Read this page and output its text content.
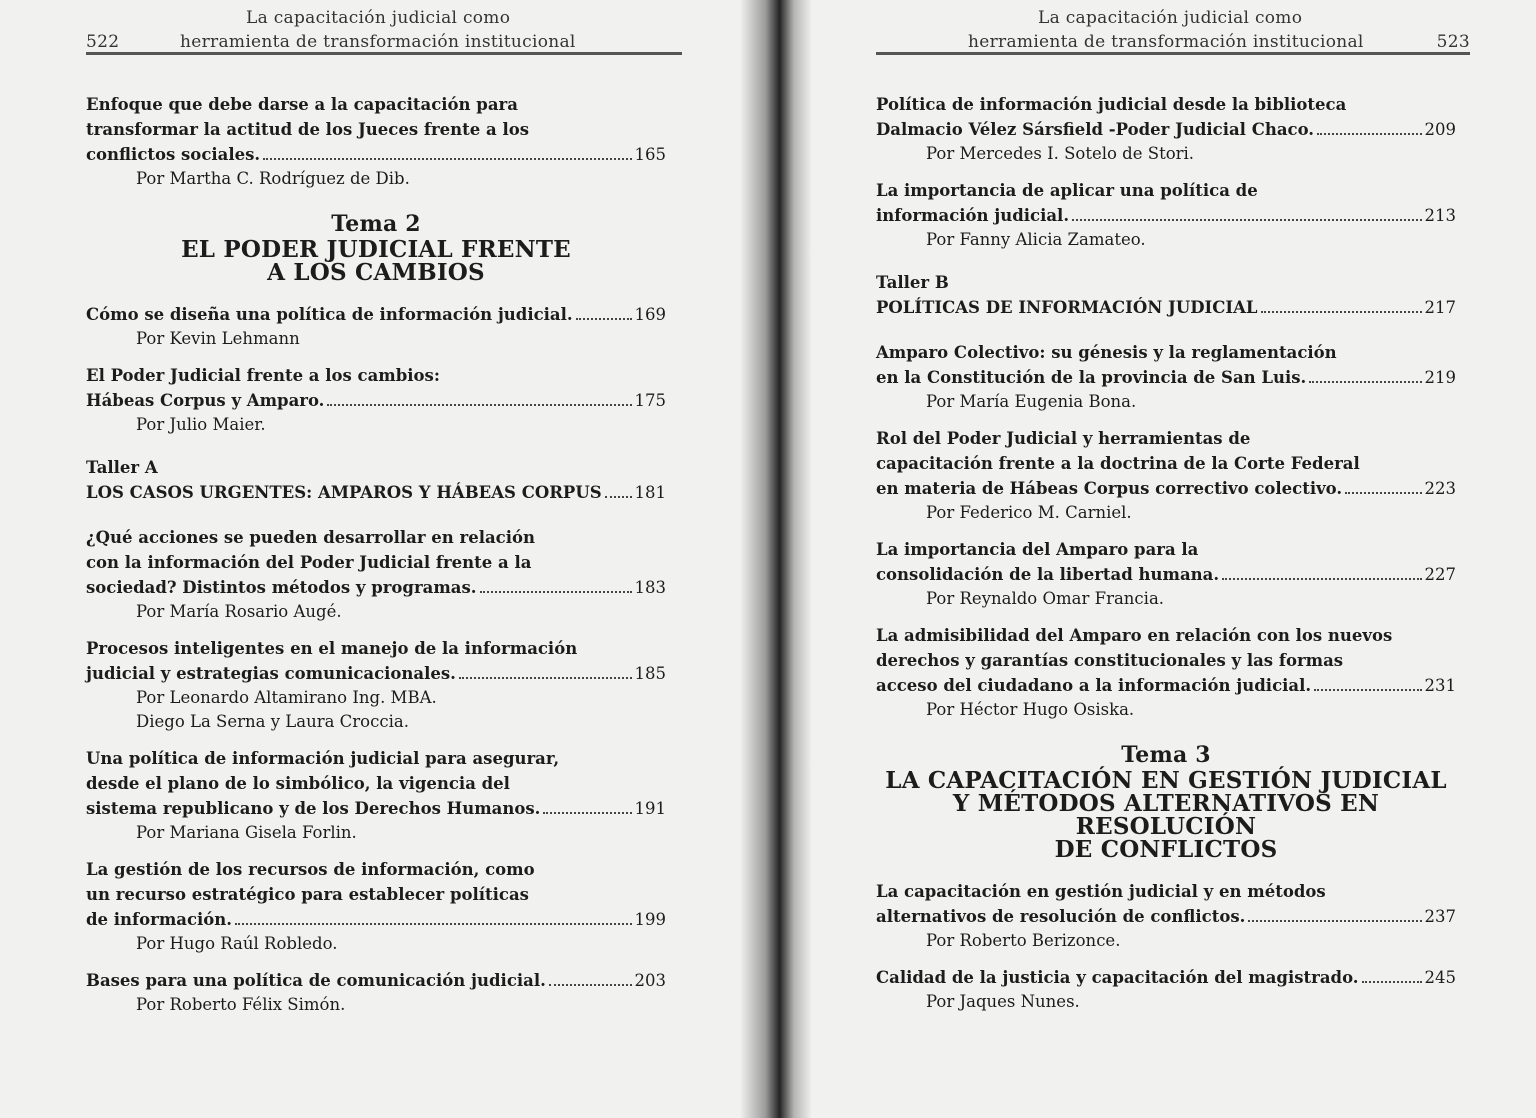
522
La capacitación judicial como
herramienta de transformación institucional
Enfoque que debe darse a la capacitación para
transformar la actitud de los Jueces frente a los
conflictos sociales.	165
Por Martha C. Rodríguez de Dib.
Tema 2
EL PODER JUDICIAL FRENTE
A LOS CAMBIOS
Cómo se diseña una política de información judicial.	169
Por Kevin Lehmann
El Poder Judicial frente a los cambios:
Hábeas Corpus y Amparo.	175
Por Julio Maier.
Taller A
LOS CASOS URGENTES: AMPAROS Y HÁBEAS CORPUS 181
¿Qué acciones se pueden desarrollar en relación
con la información del Poder Judicial frente a la
sociedad? Distintos métodos y programas.	183
Por María Rosario Augé.
Procesos inteligentes en el manejo de la información
judicial y estrategias comunicacionales.	185
Por Leonardo Altamirano Ing. MBA.
Diego La Serna y Laura Croccia.
Una política de información judicial para asegurar,
desde el plano de lo simbólico, la vigencia del
sistema republicano y de los Derechos Humanos.	191
Por Mariana Gisela Forlin.
La gestión de los recursos de información, como
un recurso estratégico para establecer políticas
de información.	199
Por Hugo Raúl Robledo.
Bases para una política de comunicación judicial.	203
Por Roberto Félix Simón.
La capacitación judicial como
herramienta de transformación institucional	523
Política de información judicial desde la biblioteca
Dalmacio Vélez Sársfield -Poder Judicial Chaco.	209
Por Mercedes I. Sotelo de Stori.
La importancia de aplicar una política de
información judicial.	213
Por Fanny Alicia Zamateo.
Taller B
POLÍTICAS DE INFORMACIÓN JUDICIAL	217
Amparo Colectivo: su génesis y la reglamentación
en la Constitución de la provincia de San Luis.	219
Por María Eugenia Bona.
Rol del Poder Judicial y herramientas de
capacitación frente a la doctrina de la Corte Federal
en materia de Hábeas Corpus correctivo colectivo.	223
Por Federico M. Carniel.
La importancia del Amparo para la
consolidación de la libertad humana.	227
Por Reynaldo Omar Francia.
La admisibilidad del Amparo en relación con los nuevos
derechos y garantías constitucionales y las formas
acceso del ciudadano a la información judicial.	231
Por Héctor Hugo Osiska.
Tema 3
LA CAPACITACIÓN EN GESTIÓN JUDICIAL
Y MÉTODOS ALTERNATIVOS EN RESOLUCIÓN
DE CONFLICTOS
La capacitación en gestión judicial y en métodos
alternativos de resolución de conflictos.	237
Por Roberto Berizonce.
Calidad de la justicia y capacitación del magistrado.	245
Por Jaques Nunes.
